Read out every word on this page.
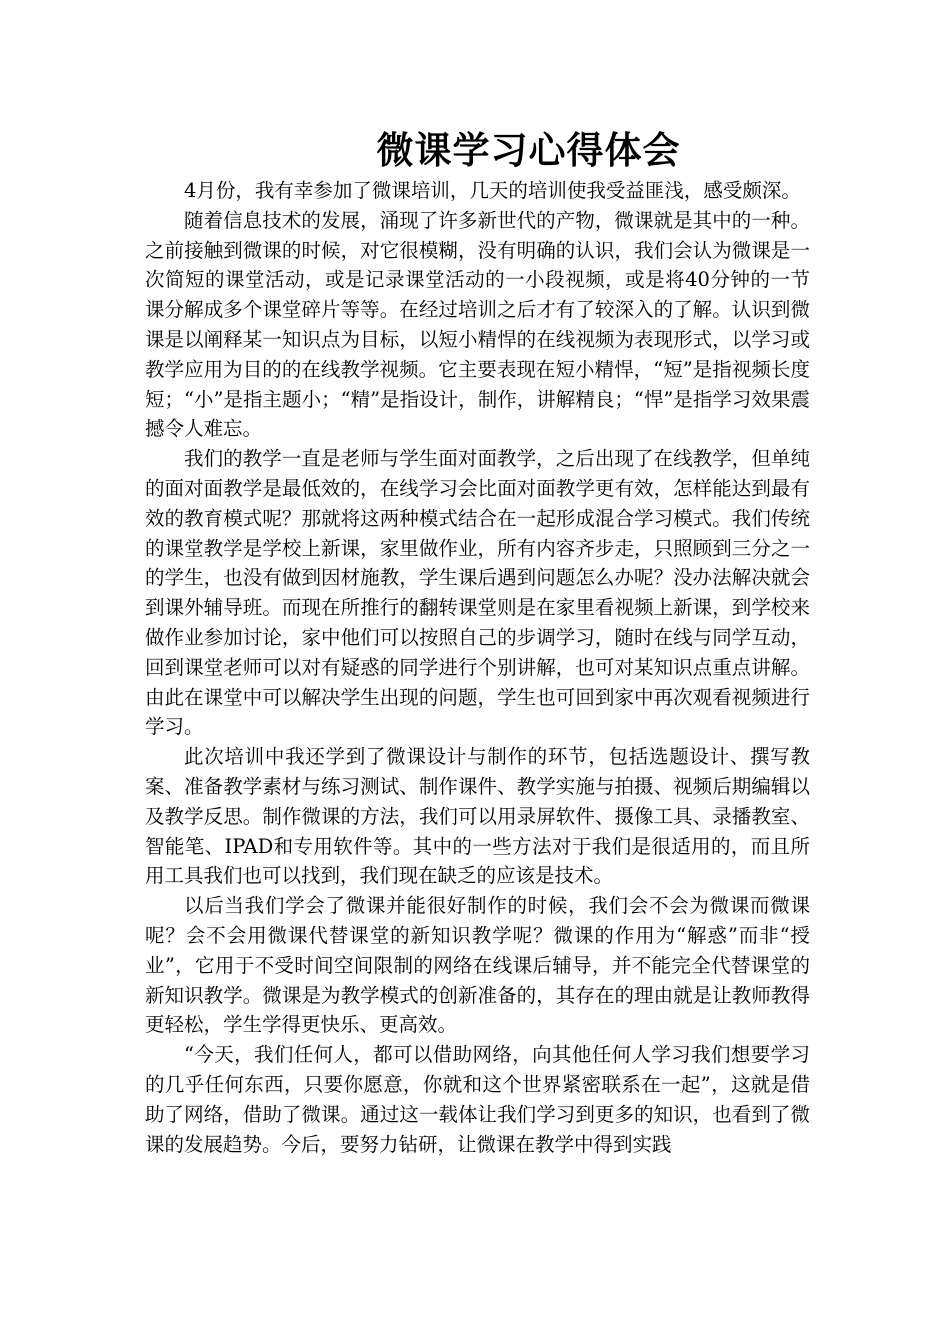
微课学习心得体会

4月份，我有幸参加了微课培训，几天的培训使我受益匪浅，感受颇深。

随着信息技术的发展，涌现了许多新世代的产物，微课就是其中的一种。之前接触到微课的时候，对它很模糊，没有明确的认识，我们会认为微课是一次简短的课堂活动，或是记录课堂活动的一小段视频，或是将40分钟的一节课分解成多个课堂碎片等等。在经过培训之后才有了较深入的了解。认识到微课是以阐释某一知识点为目标，以短小精悍的在线视频为表现形式，以学习或教学应用为目的的在线教学视频。它主要表现在短小精悍，“短”是指视频长度短；“小”是指主题小；“精”是指设计，制作，讲解精良；“悍”是指学习效果震撼令人难忘。

我们的教学一直是老师与学生面对面教学，之后出现了在线教学，但单纯的面对面教学是最低效的，在线学习会比面对面教学更有效，怎样能达到最有效的教育模式呢？那就将这两种模式结合在一起形成混合学习模式。我们传统的课堂教学是学校上新课，家里做作业，所有内容齐步走，只照顾到三分之一的学生，也没有做到因材施教，学生课后遇到问题怎么办呢？没办法解决就会到课外辅导班。而现在所推行的翻转课堂则是在家里看视频上新课，到学校来做作业参加讨论，家中他们可以按照自己的步调学习，随时在线与同学互动，回到课堂老师可以对有疑惑的同学进行个别讲解，也可对某知识点重点讲解。由此在课堂中可以解决学生出现的问题，学生也可回到家中再次观看视频进行学习。

此次培训中我还学到了微课设计与制作的环节，包括选题设计、撰写教案、准备教学素材与练习测试、制作课件、教学实施与拍摄、视频后期编辑以及教学反思。制作微课的方法，我们可以用录屏软件、摄像工具、录播教室、智能笔、IPAD和专用软件等。其中的一些方法对于我们是很适用的，而且所用工具我们也可以找到，我们现在缺乏的应该是技术。

以后当我们学会了微课并能很好制作的时候，我们会不会为微课而微课呢？会不会用微课代替课堂的新知识教学呢？微课的作用为“解惑”而非“授业”，它用于不受时间空间限制的网络在线课后辅导，并不能完全代替课堂的新知识教学。微课是为教学模式的创新准备的，其存在的理由就是让教师教得更轻松，学生学得更快乐、更高效。

“今天，我们任何人，都可以借助网络，向其他任何人学习我们想要学习的几乎任何东西，只要你愿意，你就和这个世界紧密联系在一起”，这就是借助了网络，借助了微课。通过这一载体让我们学习到更多的知识，也看到了微课的发展趋势。今后，要努力钻研，让微课在教学中得到实践
